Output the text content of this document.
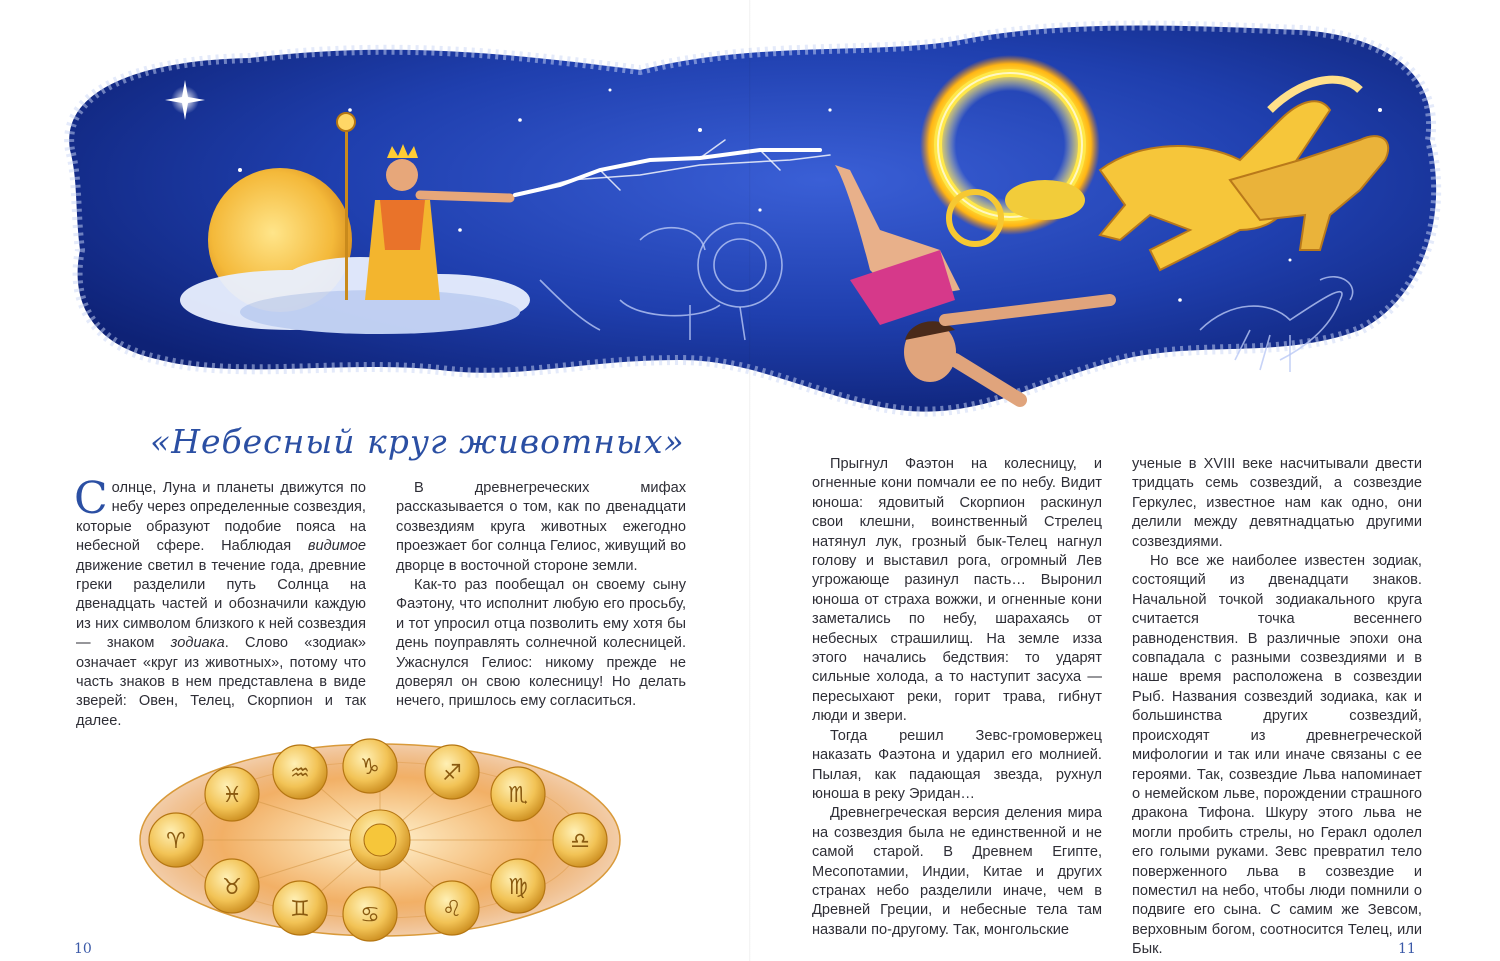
«Небесный круг животных»

Солнце, Луна и планеты движутся по небу через определенные созвездия, которые образуют подобие пояса на небесной сфере. Наблюдая видимое движение светил в течение года, древние греки разделили путь Солнца на двенадцать частей и обозначили каждую из них символом близкого к ней созвездия — знаком зодиака. Слово «зодиак» означает «круг из животных», потому что часть знаков в нем представлена в виде зверей: Овен, Телец, Скорпион и так далее.

В древнегреческих мифах рассказывается о том, как по двенадцати созвездиям круга животных ежегодно проезжает бог солнца Гелиос, живущий во дворце в восточной стороне земли.

Как-то раз пообещал он своему сыну Фаэтону, что исполнит любую его просьбу, и тот упросил отца позволить ему хотя бы день поуправлять солнечной колесницей. Ужаснулся Гелиос: никому прежде не доверял он свою колесницу! Но делать нечего, пришлось ему согласиться.

♈
♓
♒ ♑	♐
♏
♎
♍
♌
♋
♊
♉

Прыгнул Фаэтон на колесницу, и огненные кони помчали ее по небу. Видит юноша: ядовитый Скорпион раскинул свои клешни, воинственный Стрелец натянул лук, грозный бык-Телец нагнул голову и выставил рога, огромный Лев угрожающе разинул пасть… Выронил юноша от страха вожжи, и огненные кони заметались по небу, шарахаясь от небесных страшилищ. На земле изза этого начались бедствия: то ударят сильные холода, а то наступит засуха — пересыхают реки, горит трава, гибнут люди и звери.

Тогда решил Зевс-громовержец наказать Фаэтона и ударил его молнией. Пылая, как падающая звезда, рухнул юноша в реку Эридан…

Древнегреческая версия деления мира на созвездия была не единственной и не самой старой. В Древнем Египте, Месопотамии, Индии, Китае и других странах небо разделили иначе, чем в Древней Греции, и небесные тела там назвали по-другому. Так, монгольские

ученые в XVIII веке насчитывали двести тридцать семь созвездий, а созвездие Геркулес, известное нам как одно, они делили между девятнадцатью другими созвездиями.

Но все же наиболее известен зодиак, состоящий из двенадцати знаков. Начальной точкой зодиакального круга считается точка весеннего равноденствия. В различные эпохи она совпадала с разными созвездиями и в наше время расположена в созвездии Рыб. Названия созвездий зодиака, как и большинства других созвездий, происходят из древнегреческой мифологии и так или иначе связаны с ее героями. Так, созвездие Льва напоминает о немейском льве, порождении страшного дракона Тифона. Шкуру этого льва не могли пробить стрелы, но Геракл одолел его голыми руками. Зевс превратил тело поверженного льва в созвездие и поместил на небо, чтобы люди помнили о подвиге его сына. С самим же Зевсом, верховным богом, соотносится Телец, или Бык.

10	11
